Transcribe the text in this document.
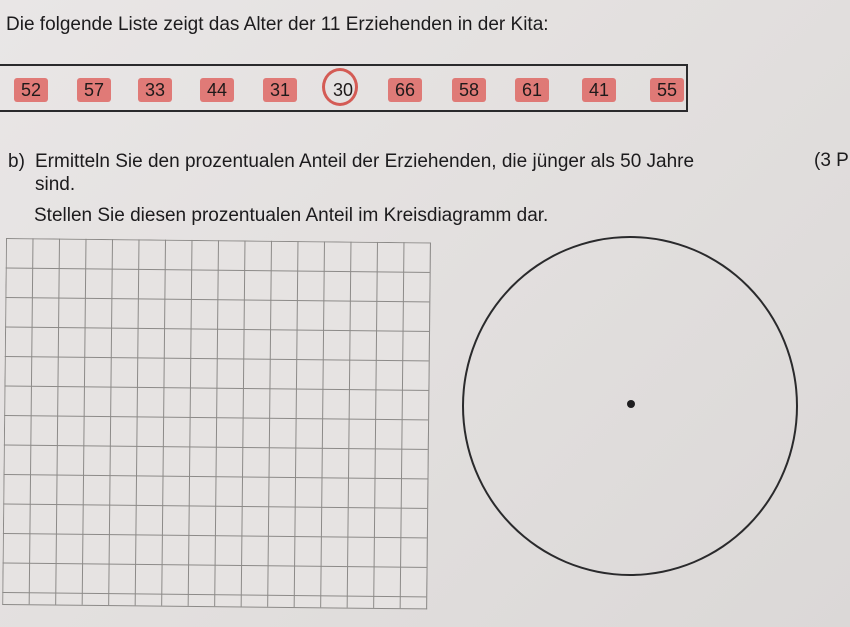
Die folgende Liste zeigt das Alter der 11 Erziehenden in der Kita:
52	57	33	44	31	30	66	58	61	41	55
b) Ermitteln Sie den prozentualen Anteil der Erziehenden, die jünger als 50 Jahre
sind.
(3 P
Stellen Sie diesen prozentualen Anteil im Kreisdiagramm dar.
